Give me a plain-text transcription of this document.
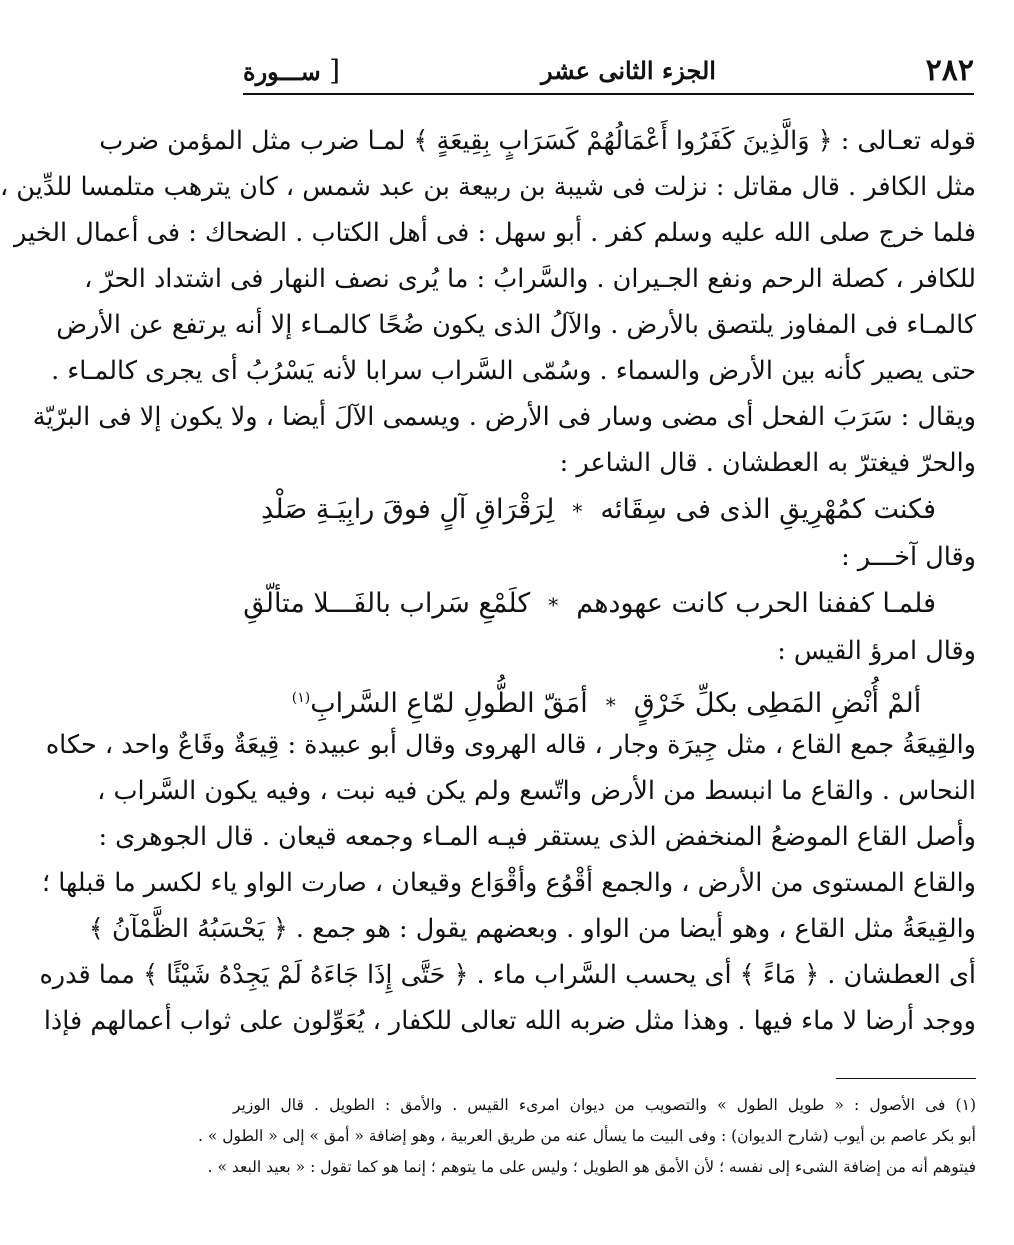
٢٨٢
الجزء الثانى عشر
[ ســـورة
قوله تعـالى : ﴿ وَالَّذِينَ كَفَرُوا أَعْمَالُهُمْ كَسَرَابٍ بِقِيعَةٍ ﴾ لمـا ضرب مثل المؤمن ضرب
مثل الكافر . قال مقاتل : نزلت فى شيبة بن ربيعة بن عبد شمس ، كان يترهب متلمسا للدِّين ،
فلما خرج صلى الله عليه وسلم كفر . أبو سهل : فى أهل الكتاب . الضحاك : فى أعمال الخير
للكافر ، كصلة الرحم ونفع الجـيران . والسَّرابُ : ما يُرى نصف النهار فى اشتداد الحرّ ،
كالمـاء فى المفاوز يلتصق بالأرض . والآلُ الذى يكون ضُحًا كالمـاء إلا أنه يرتفع عن الأرض
حتى يصير كأنه بين الأرض والسماء . وسُمّى السَّراب سرابا لأنه يَسْرُبُ أى يجرى كالمـاء .
ويقال : سَرَبَ الفحل أى مضى وسار فى الأرض . ويسمى الآلَ أيضا ، ولا يكون إلا فى البرّيّة
والحرّ فيغترّ به العطشان . قال الشاعر :
فكنت كمُهْرِيقِ الذى فى سِقَائه*لِرَقْرَاقِ آلٍ فوقَ رابِيَـةِ صَلْدِ
وقال آخـــر :
فلمـا كففنا الحرب كانت عهودهم*كلَمْعِ سَراب بالفَـــلا متألّقِ
وقال امرؤ القيس :
ألمْ أُنْضِ المَطِى بكلِّ خَرْقٍ*أمَقّ الطُّولِ لمّاعِ السَّرابِ$^{(١)}$
والقِيعَةُ جمع القاع ، مثل جِيرَة وجار ، قاله الهروى وقال أبو عبيدة : قِيعَةٌ وقَاعٌ واحد ، حكاه
النحاس . والقاع ما انبسط من الأرض واتّسع ولم يكن فيه نبت ، وفيه يكون السَّراب ،
وأصل القاع الموضعُ المنخفض الذى يستقر فيـه المـاء وجمعه قيعان . قال الجوهرى :
والقاع المستوى من الأرض ، والجمع أقْوُع وأقْوَاع وقيعان ، صارت الواو ياء لكسر ما قبلها ؛
والقِيعَةُ مثل القاع ، وهو أيضا من الواو . وبعضهم يقول : هو جمع . ﴿ يَحْسَبُهُ الظَّمْآنُ ﴾
أى العطشان . ﴿ مَاءً ﴾ أى يحسب السَّراب ماء . ﴿ حَتَّى إِذَا جَاءَهُ لَمْ يَجِدْهُ شَيْئًا ﴾ مما قدره
ووجد أرضا لا ماء فيها . وهذا مثل ضربه الله تعالى للكفار ، يُعَوِّلون على ثواب أعمالهم فإذا
(١) فى الأصول : « طويل الطول » والتصويب من ديوان امرىء القيس . والأمق : الطويل . قال الوزير
أبو بكر عاصم بن أيوب (شارح الديوان) : وفى البيت ما يسأل عنه من طريق العربية ، وهو إضافة « أمق » إلى « الطول » .
فيتوهم أنه من إضافة الشىء إلى نفسه ؛ لأن الأمق هو الطويل ؛ وليس على ما يتوهم ؛ إنما هو كما تقول : « بعيد البعد » .
